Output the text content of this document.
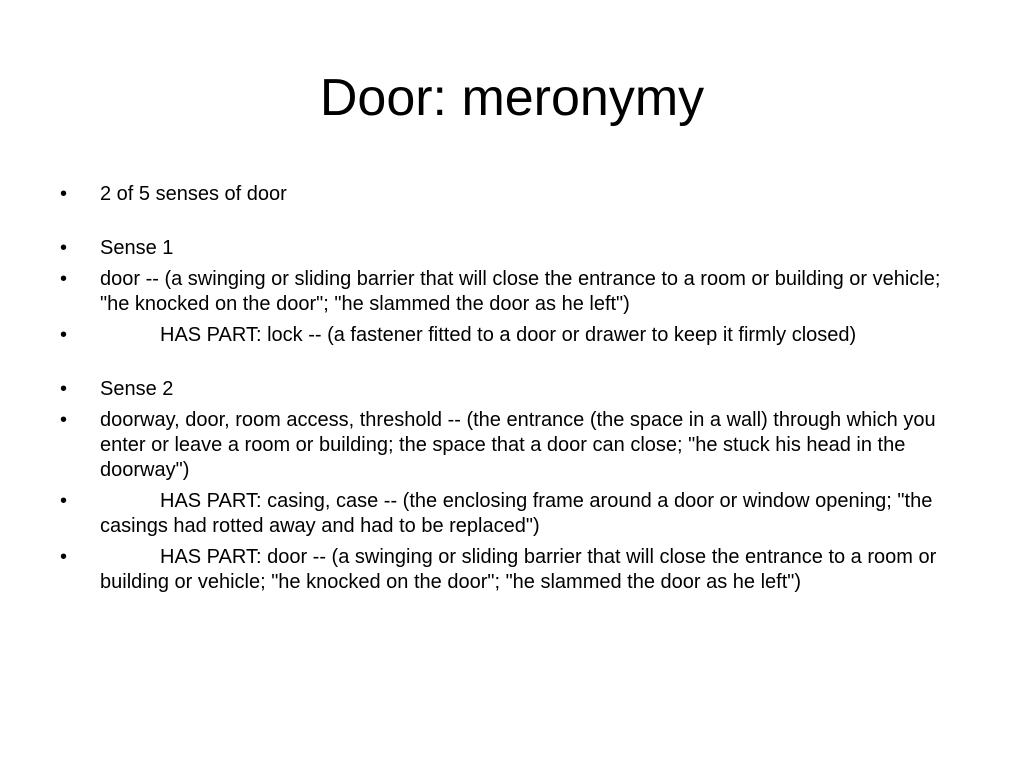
Door: meronymy
•	2 of 5 senses of door
•	Sense 1
•	door -- (a swinging or sliding barrier that will close the entrance to a room or building or vehicle; "he knocked on the door"; "he slammed the door as he left")
•	HAS PART: lock -- (a fastener fitted to a door or drawer to keep it firmly closed)
•	Sense 2
•	doorway, door, room access, threshold -- (the entrance (the space in a wall) through which you enter or leave a room or building; the space that a door can close; "he stuck his head in the doorway")
•	HAS PART: casing, case -- (the enclosing frame around a door or window opening; "the casings had rotted away and had to be replaced")
•	HAS PART: door -- (a swinging or sliding barrier that will close the entrance to a room or building or vehicle; "he knocked on the door"; "he slammed the door as he left")
